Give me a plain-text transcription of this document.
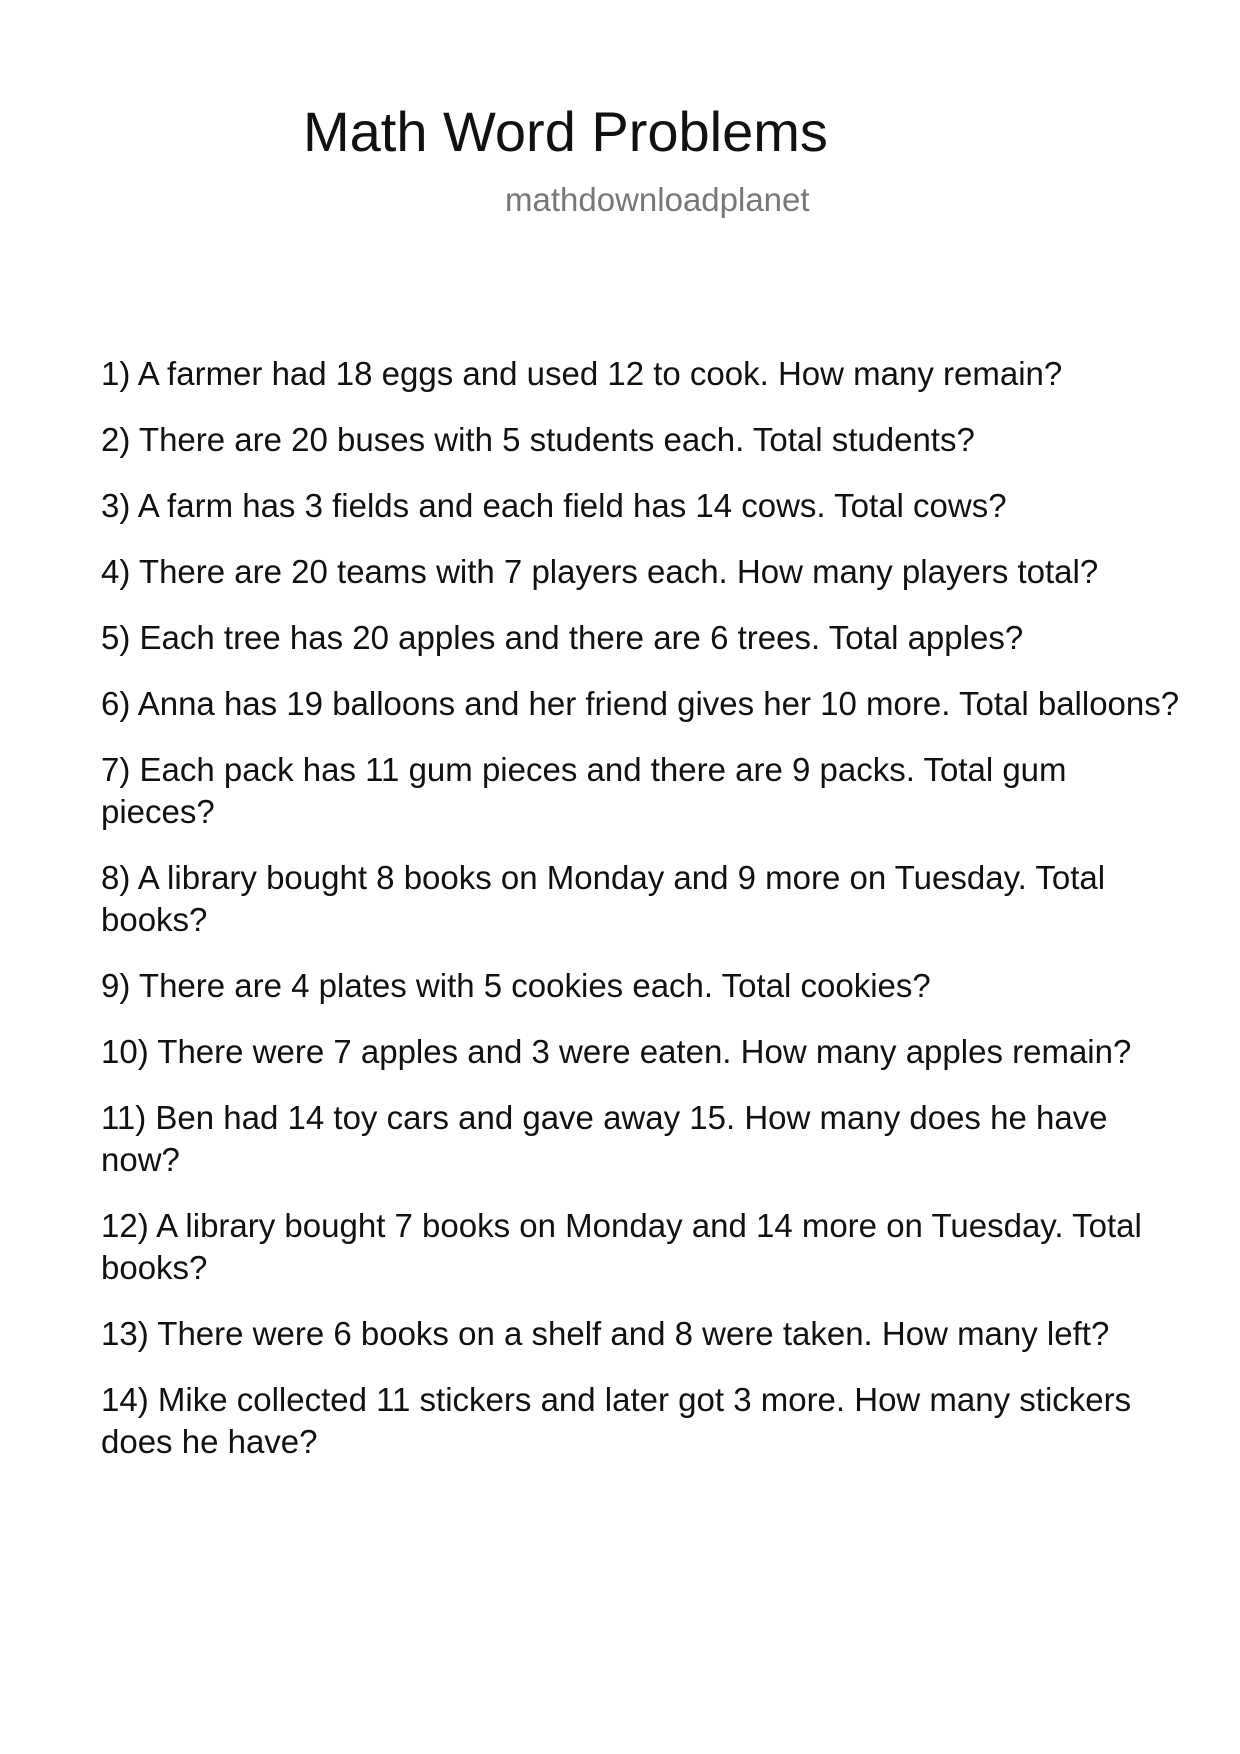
Math Word Problems
mathdownloadplanet
1) A farmer had 18 eggs and used 12 to cook. How many remain?
2) There are 20 buses with 5 students each. Total students?
3) A farm has 3 fields and each field has 14 cows. Total cows?
4) There are 20 teams with 7 players each. How many players total?
5) Each tree has 20 apples and there are 6 trees. Total apples?
6) Anna has 19 balloons and her friend gives her 10 more. Total balloons?
7) Each pack has 11 gum pieces and there are 9 packs. Total gum pieces?
8) A library bought 8 books on Monday and 9 more on Tuesday. Total books?
9) There are 4 plates with 5 cookies each. Total cookies?
10) There were 7 apples and 3 were eaten. How many apples remain?
11) Ben had 14 toy cars and gave away 15. How many does he have now?
12) A library bought 7 books on Monday and 14 more on Tuesday. Total books?
13) There were 6 books on a shelf and 8 were taken. How many left?
14) Mike collected 11 stickers and later got 3 more. How many stickers does he have?
